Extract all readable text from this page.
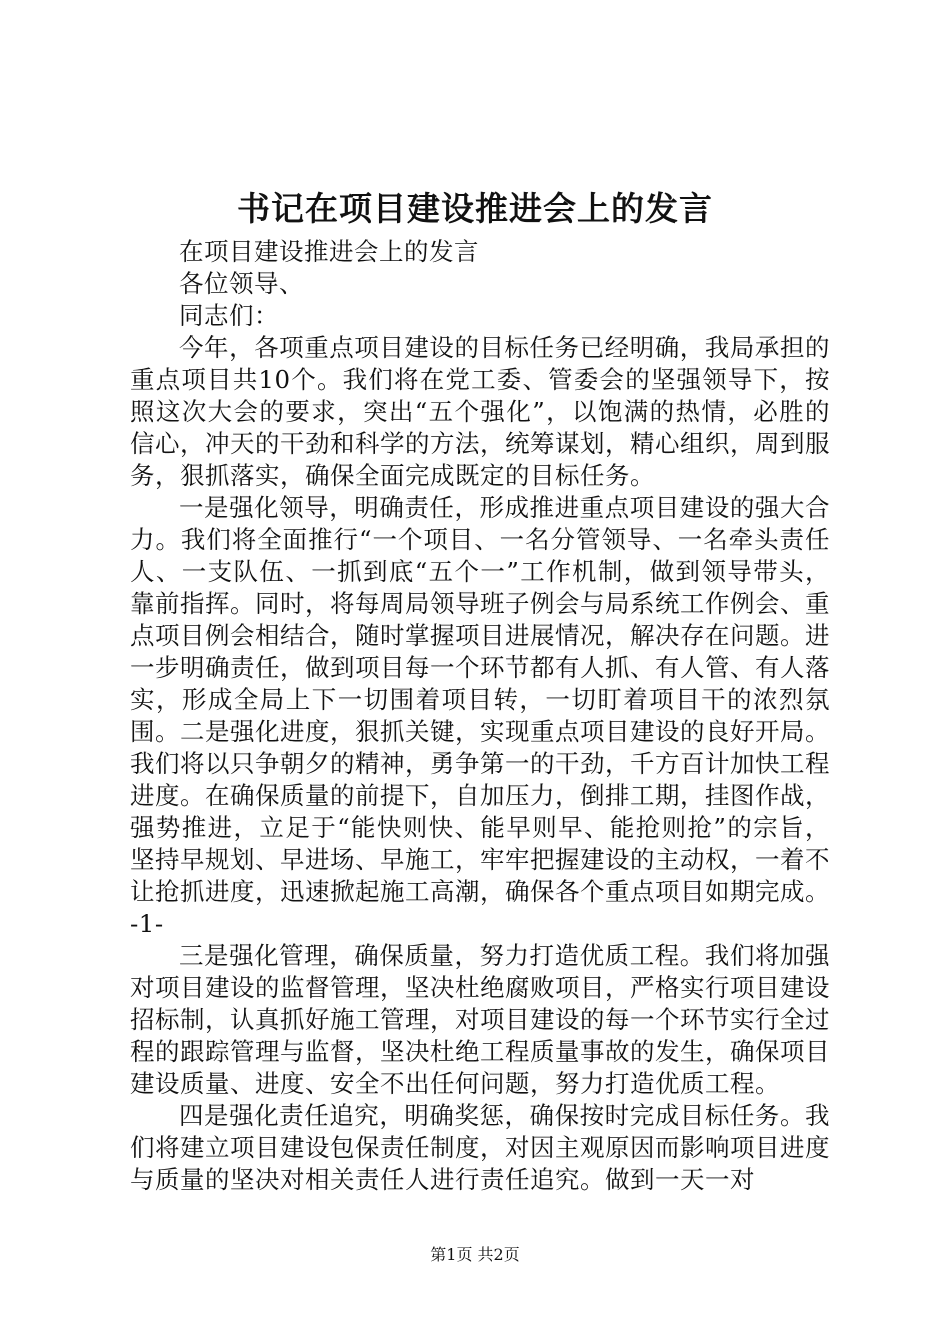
书记在项目建设推进会上的发言

在项目建设推进会上的发言

各位领导、

同志们：

今年，各项重点项目建设的目标任务已经明确，我局承担的重点项目共10个。我们将在党工委、管委会的坚强领导下，按照这次大会的要求，突出“五个强化”，以饱满的热情，必胜的信心，冲天的干劲和科学的方法，统筹谋划，精心组织，周到服务，狠抓落实，确保全面完成既定的目标任务。

一是强化领导，明确责任，形成推进重点项目建设的强大合力。我们将全面推行“一个项目、一名分管领导、一名牵头责任人、一支队伍、一抓到底“五个一”工作机制，做到领导带头，靠前指挥。同时，将每周局领导班子例会与局系统工作例会、重点项目例会相结合，随时掌握项目进展情况，解决存在问题。进一步明确责任，做到项目每一个环节都有人抓、有人管、有人落实，形成全局上下一切围着项目转，一切盯着项目干的浓烈氛围。二是强化进度，狠抓关键，实现重点项目建设的良好开局。我们将以只争朝夕的精神，勇争第一的干劲，千方百计加快工程进度。在确保质量的前提下，自加压力，倒排工期，挂图作战，强势推进，立足于“能快则快、能早则早、能抢则抢”的宗旨，坚持早规划、早进场、早施工，牢牢把握建设的主动权，一着不让抢抓进度，迅速掀起施工高潮，确保各个重点项目如期完成。-1-

三是强化管理，确保质量，努力打造优质工程。我们将加强对项目建设的监督管理，坚决杜绝腐败项目，严格实行项目建设招标制，认真抓好施工管理，对项目建设的每一个环节实行全过程的跟踪管理与监督，坚决杜绝工程质量事故的发生，确保项目建设质量、进度、安全不出任何问题，努力打造优质工程。

四是强化责任追究，明确奖惩，确保按时完成目标任务。我们将建立项目建设包保责任制度，对因主观原因而影响项目进度与质量的坚决对相关责任人进行责任追究。做到一天一对

第1页 共2页
